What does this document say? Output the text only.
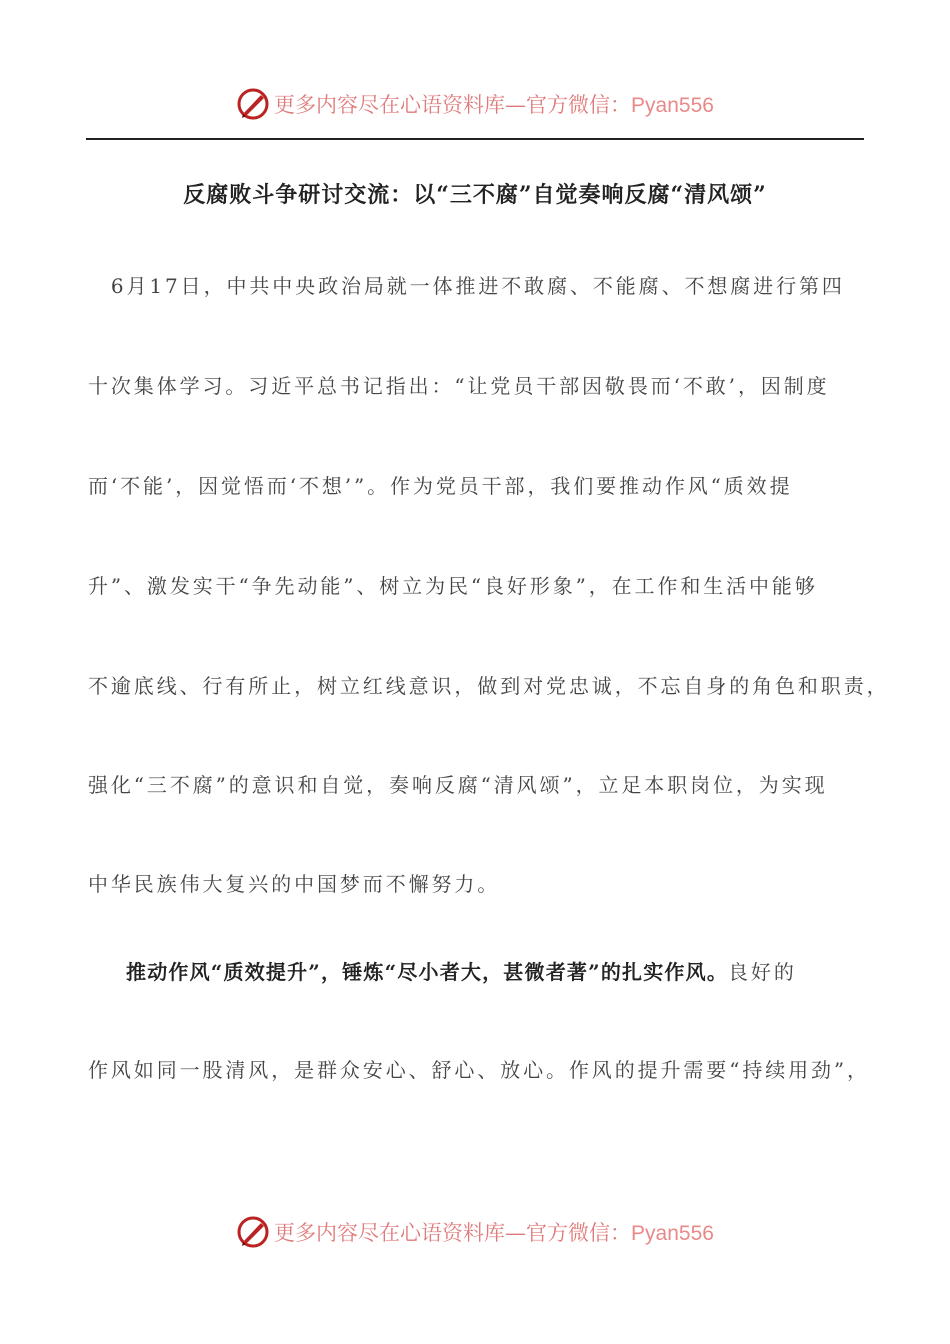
更多内容尽在心语资料库—官方微信：Pyan556
反腐败斗争研讨交流：以“三不腐”自觉奏响反腐“清风颂”
　6月17日，中共中央政治局就一体推进不敢腐、不能腐、不想腐进行第四
十次集体学习。习近平总书记指出：“让党员干部因敬畏而‘不敢’，因制度
而‘不能’，因觉悟而‘不想’”。作为党员干部，我们要推动作风“质效提
升”、激发实干“争先动能”、树立为民“良好形象”，在工作和生活中能够
不逾底线、行有所止，树立红线意识，做到对党忠诚，不忘自身的角色和职责，
强化“三不腐”的意识和自觉，奏响反腐“清风颂”，立足本职岗位，为实现
中华民族伟大复兴的中国梦而不懈努力。
推动作风“质效提升”，锤炼“尽小者大，甚微者著”的扎实作风。良好的
作风如同一股清风，是群众安心、舒心、放心。作风的提升需要“持续用劲”，
更多内容尽在心语资料库—官方微信：Pyan556
